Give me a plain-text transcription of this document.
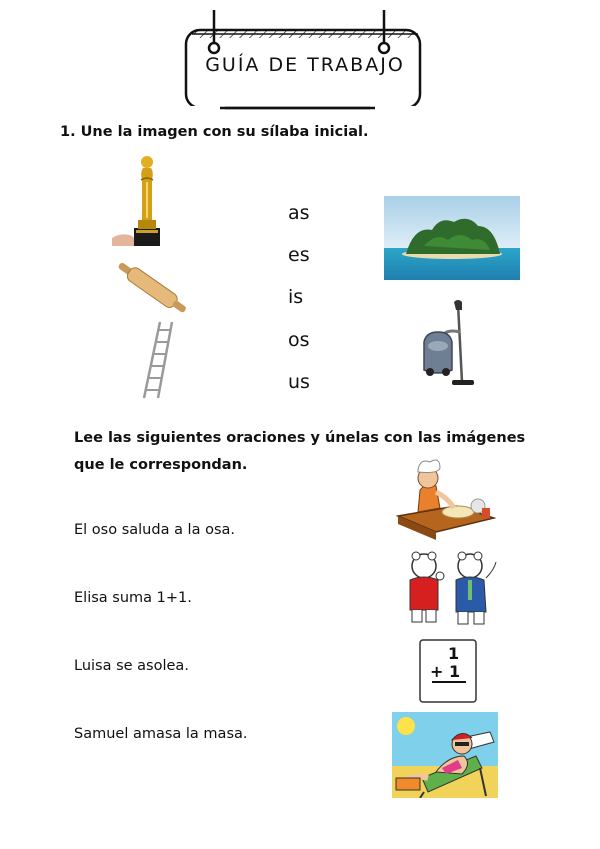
GUÍA DE TRABAJO
1. Une la imagen con su sílaba inicial.
as
es
is
os
us
Lee las siguientes oraciones y únelas con las imágenes
que le correspondan.
El oso saluda a la osa.
Elisa suma 1+1.
Luisa se asolea.
Samuel amasa la masa.
1
+ 1
